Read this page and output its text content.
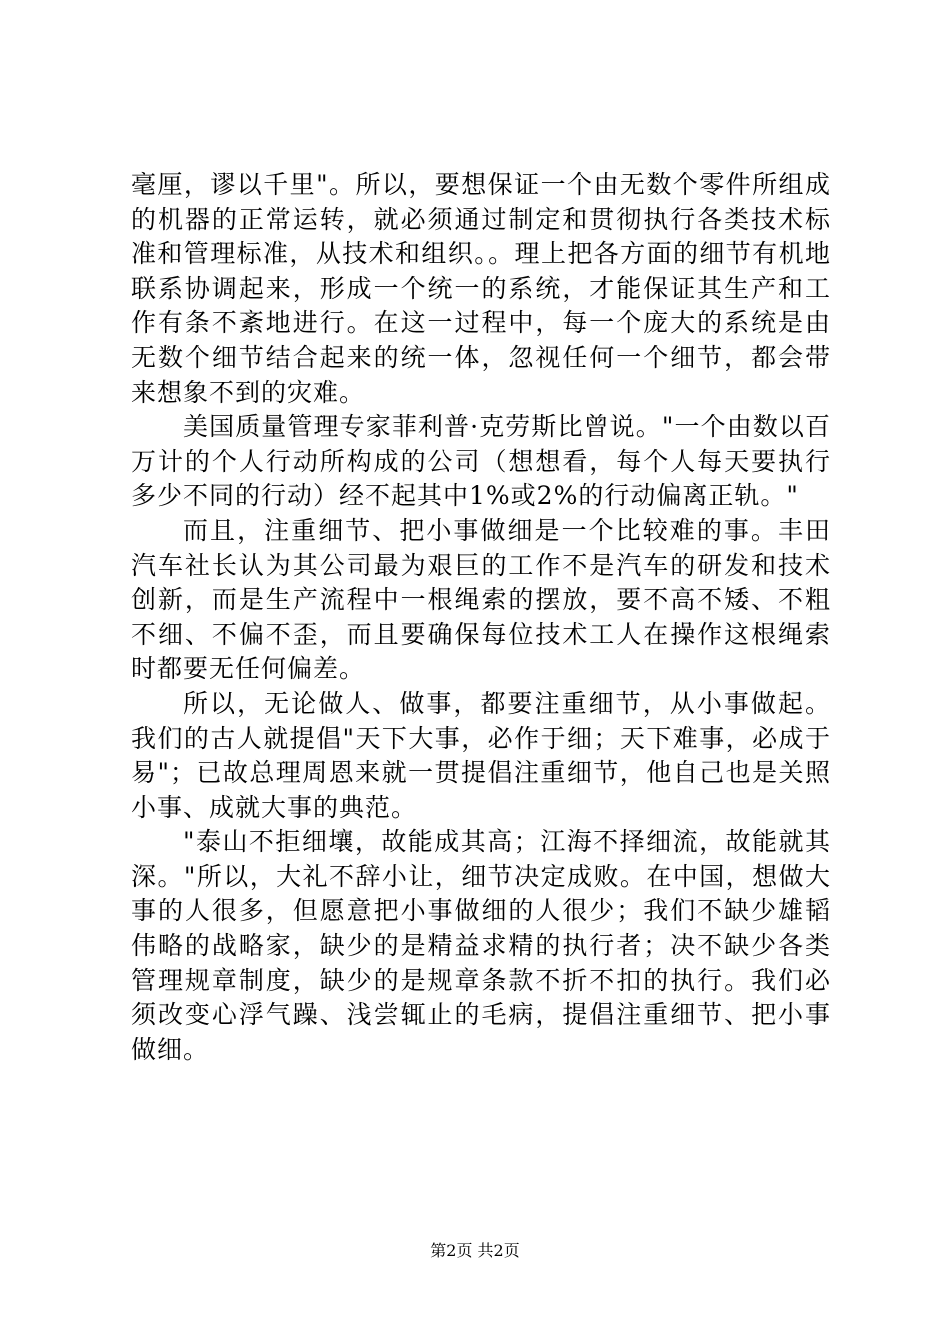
毫厘，谬以千里"。所以，要想保证一个由无数个零件所组成的机器的正常运转，就必须通过制定和贯彻执行各类技术标准和管理标准，从技术和组织。。理上把各方面的细节有机地联系协调起来，形成一个统一的系统，才能保证其生产和工作有条不紊地进行。在这一过程中，每一个庞大的系统是由无数个细节结合起来的统一体，忽视任何一个细节，都会带来想象不到的灾难。

美国质量管理专家菲利普·克劳斯比曾说。"一个由数以百万计的个人行动所构成的公司（想想看，每个人每天要执行多少不同的行动）经不起其中1%或2%的行动偏离正轨。"

而且，注重细节、把小事做细是一个比较难的事。丰田汽车社长认为其公司最为艰巨的工作不是汽车的研发和技术创新，而是生产流程中一根绳索的摆放，要不高不矮、不粗不细、不偏不歪，而且要确保每位技术工人在操作这根绳索时都要无任何偏差。

所以，无论做人、做事，都要注重细节，从小事做起。我们的古人就提倡"天下大事，必作于细；天下难事，必成于易"；已故总理周恩来就一贯提倡注重细节，他自己也是关照小事、成就大事的典范。

"泰山不拒细壤，故能成其高；江海不择细流，故能就其深。"所以，大礼不辞小让，细节决定成败。在中国，想做大事的人很多，但愿意把小事做细的人很少；我们不缺少雄韬伟略的战略家，缺少的是精益求精的执行者；决不缺少各类管理规章制度，缺少的是规章条款不折不扣的执行。我们必须改变心浮气躁、浅尝辄止的毛病，提倡注重细节、把小事做细。

第2页 共2页
